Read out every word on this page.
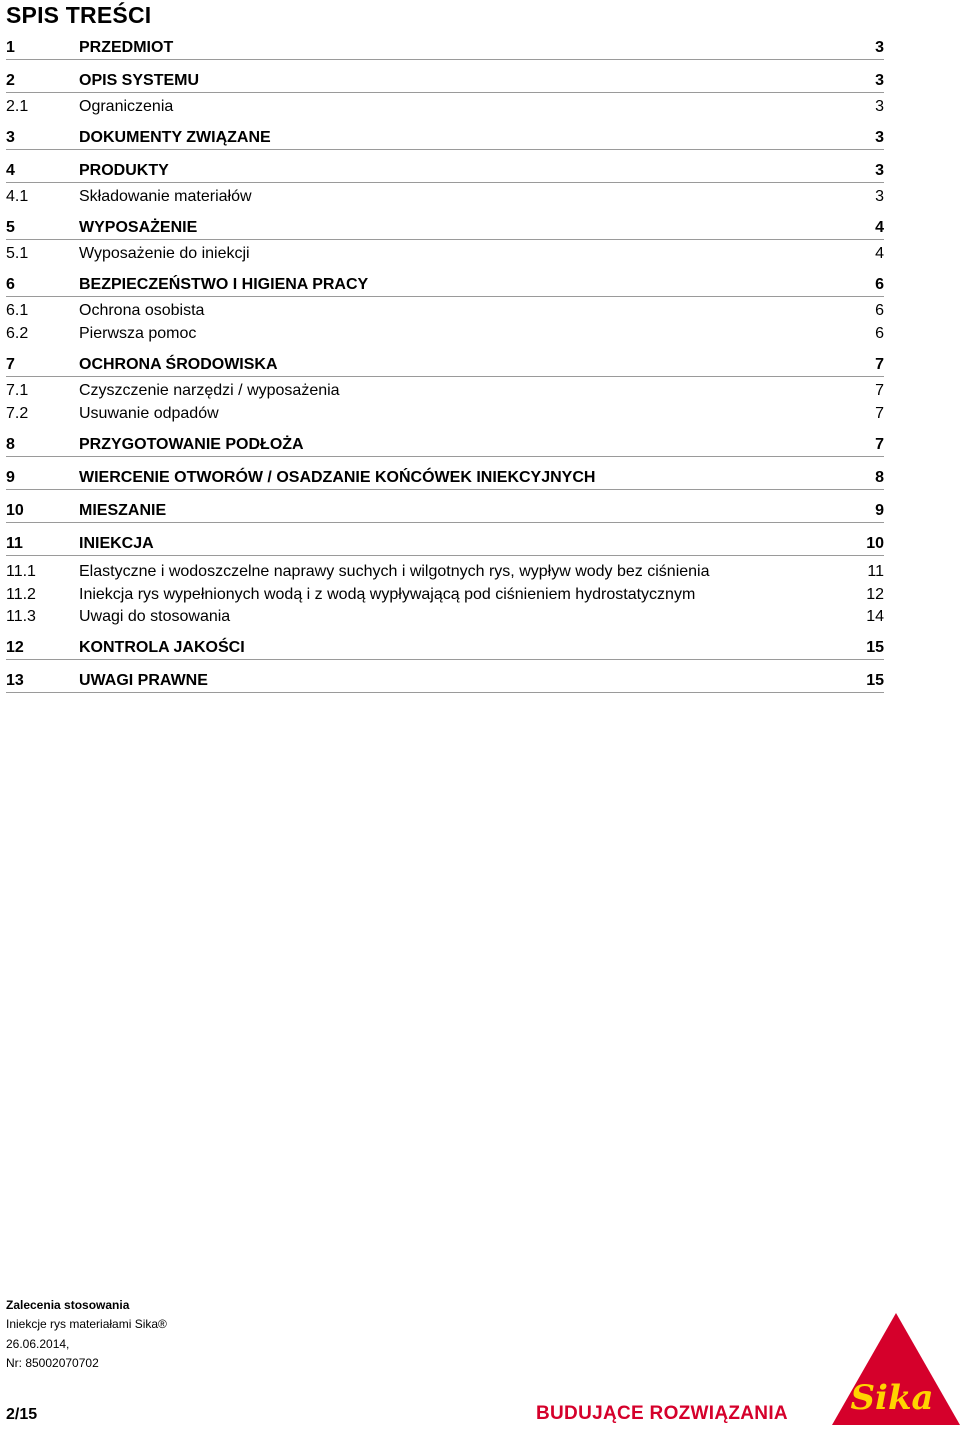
SPIS TREŚCI
1	PRZEDMIOT	3
2	OPIS SYSTEMU	3
2.1	Ograniczenia	3
3	DOKUMENTY ZWIĄZANE	3
4	PRODUKTY	3
4.1	Składowanie materiałów	3
5	WYPOSAŻENIE	4
5.1	Wyposażenie do iniekcji	4
6	BEZPIECZEŃSTWO I HIGIENA PRACY	6
6.1	Ochrona osobista	6
6.2	Pierwsza pomoc	6
7	OCHRONA ŚRODOWISKA	7
7.1	Czyszczenie narzędzi / wyposażenia	7
7.2	Usuwanie odpadów	7
8	PRZYGOTOWANIE PODŁOŻA	7
9	WIERCENIE OTWORÓW / OSADZANIE KOŃCÓWEK INIEKCYJNYCH	8
10	MIESZANIE	9
11	INIEKCJA	10
11.1	Elastyczne i wodoszczelne naprawy suchych i wilgotnych rys, wypływ wody bez ciśnienia	11
11.2	Iniekcja rys wypełnionych wodą i z wodą wypływającą pod ciśnieniem hydrostatycznym	12
11.3	Uwagi do stosowania	14
12	KONTROLA JAKOŚCI	15
13	UWAGI PRAWNE	15
Zalecenia stosowania
Iniekcje rys materiałami Sika®
26.06.2014,
Nr: 85002070702
2/15	BUDUJĄCE ROZWIĄZANIA Sika ®
